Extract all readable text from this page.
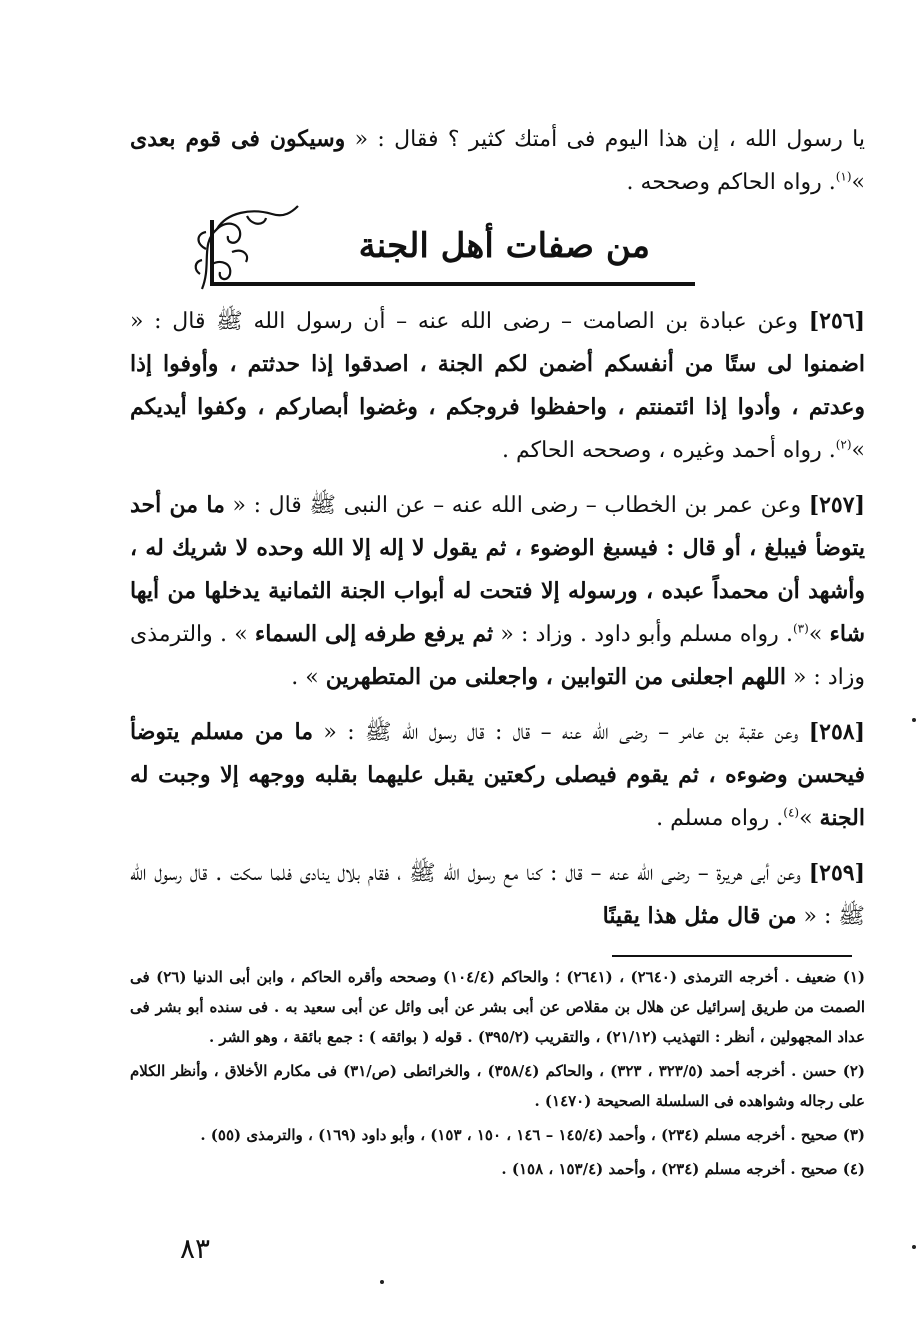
يا رسول الله ، إن هذا اليوم فى أمتك كثير ؟ فقال : « وسيكون فى قوم بعدى »$^{(١)}$. رواه الحاكم وصححه .

من صفات أهل الجنة

[٢٥٦] وعن عبادة بن الصامت – رضى الله عنه – أن رسول الله ﷺ قال : « اضمنوا لى ستًا من أنفسكم أضمن لكم الجنة ، اصدقوا إذا حدثتم ، وأوفوا إذا وعدتم ، وأدوا إذا ائتمنتم ، واحفظوا فروجكم ، وغضوا أبصاركم ، وكفوا أيديكم »$^{(٢)}$. رواه أحمد وغيره ، وصححه الحاكم .

[٢٥٧] وعن عمر بن الخطاب – رضى الله عنه – عن النبى ﷺ قال : « ما من أحد يتوضأ فيبلغ ، أو قال : فيسبغ الوضوء ، ثم يقول لا إله إلا الله وحده لا شريك له ، وأشهد أن محمداً عبده ، ورسوله إلا فتحت له أبواب الجنة الثمانية يدخلها من أيها شاء »$^{(٣)}$. رواه مسلم وأبو داود . وزاد : « ثم يرفع طرفه إلى السماء » . والترمذى وزاد : « اللهم اجعلنى من التوابين ، واجعلنى من المتطهرين » .

[٢٥٨] وعن عقبة بن عامر – رضى الله عنه – قال : قال رسول الله ﷺ : « ما من مسلم يتوضأ فيحسن وضوءه ، ثم يقوم فيصلى ركعتين يقبل عليهما بقلبه ووجهه إلا وجبت له الجنة »$^{(٤)}$. رواه مسلم .

[٢٥٩] وعن أبى هريرة – رضى الله عنه – قال : كنا مع رسول الله ﷺ ، فقام بلال ينادى فلما سكت . قال رسول الله ﷺ : « من قال مثل هذا يقينًا

(١) ضعيف . أخرجه الترمذى (٢٦٤٠) ، (٢٦٤١) ؛ والحاكم (١٠٤/٤) وصححه وأقره الحاكم ، وابن أبى الدنيا (٢٦) فى الصمت من طريق إسرائيل عن هلال بن مقلاص عن أبى بشر عن أبى وائل عن أبى سعيد به . فى سنده أبو بشر فى عداد المجهولين ، أنظر : التهذيب (٢١/١٢) ، والتقريب (٣٩٥/٢) . قوله ( بوائقه ) : جمع بائقة ، وهو الشر .

(٢) حسن . أخرجه أحمد (٣٢٣/٥ ، ٣٢٣) ، والحاكم (٣٥٨/٤) ، والخرائطى (ص/٣١) فى مكارم الأخلاق ، وأنظر الكلام على رجاله وشواهده فى السلسلة الصحيحة (١٤٧٠) .

(٣) صحيح . أخرجه مسلم (٢٣٤) ، وأحمد (١٤٥/٤ – ١٤٦ ، ١٥٠ ، ١٥٣) ، وأبو داود (١٦٩) ، والترمذى (٥٥) .

(٤) صحيح . أخرجه مسلم (٢٣٤) ، وأحمد (١٥٣/٤ ، ١٥٨) .

٨٣
